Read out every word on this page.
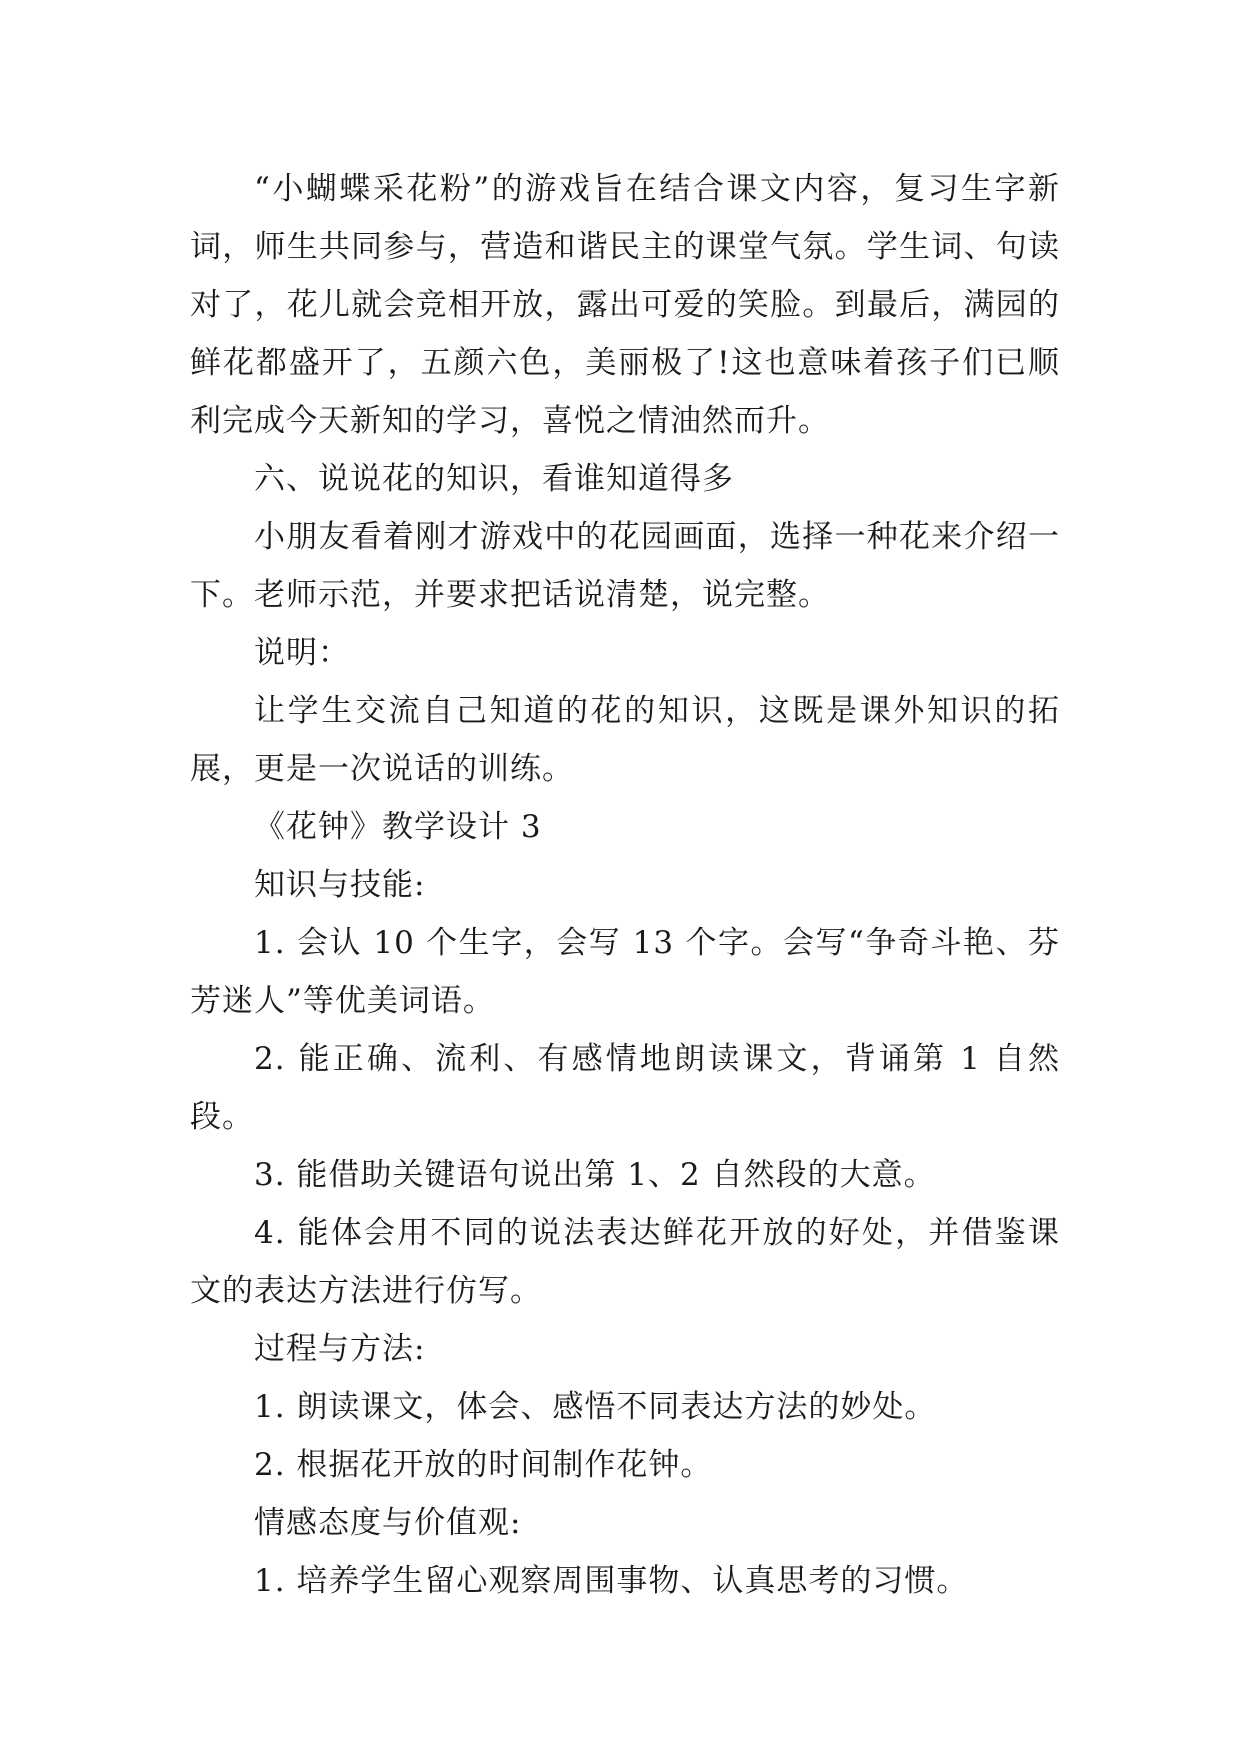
“小蝴蝶采花粉”的游戏旨在结合课文内容，复习生字新词，师生共同参与，营造和谐民主的课堂气氛。学生词、句读对了，花儿就会竞相开放，露出可爱的笑脸。到最后，满园的鲜花都盛开了，五颜六色，美丽极了!这也意味着孩子们已顺利完成今天新知的学习，喜悦之情油然而升。

六、说说花的知识，看谁知道得多

小朋友看着刚才游戏中的花园画面，选择一种花来介绍一下。老师示范，并要求把话说清楚，说完整。

说明：

让学生交流自己知道的花的知识，这既是课外知识的拓展，更是一次说话的训练。

《花钟》教学设计 3

知识与技能:

1. 会认 10 个生字，会写 13 个字。会写“争奇斗艳、芬芳迷人”等优美词语。

2. 能正确、流利、有感情地朗读课文，背诵第 1 自然段。

3. 能借助关键语句说出第 1、2 自然段的大意。

4. 能体会用不同的说法表达鲜花开放的好处，并借鉴课文的表达方法进行仿写。

过程与方法:

1. 朗读课文，体会、感悟不同表达方法的妙处。

2. 根据花开放的时间制作花钟。

情感态度与价值观:

1. 培养学生留心观察周围事物、认真思考的习惯。
